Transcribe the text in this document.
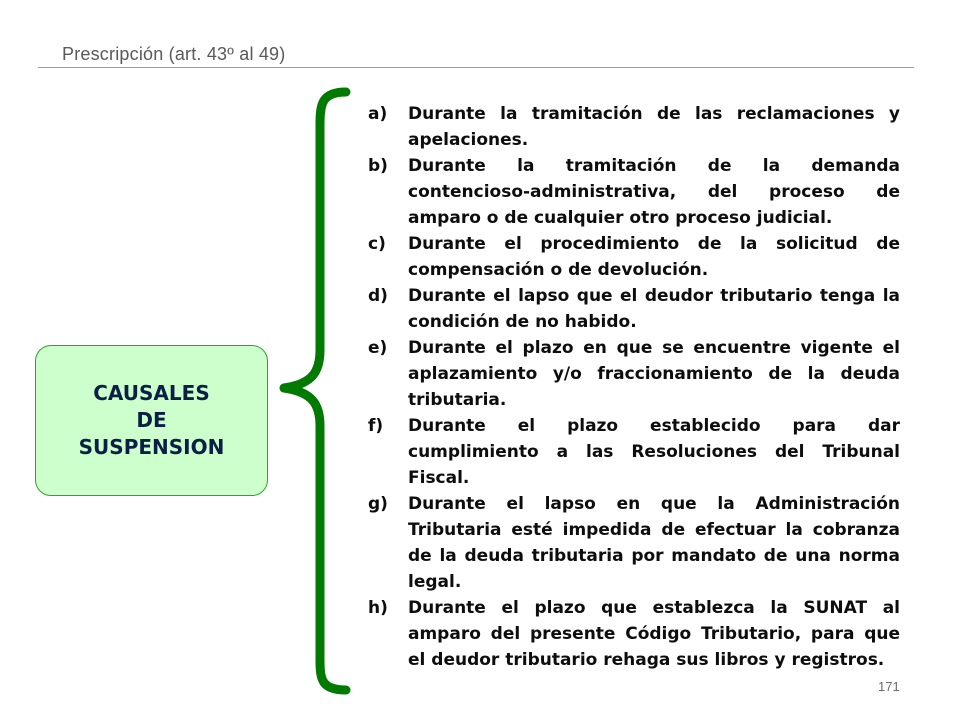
Prescripción (art. 43º al 49)
CAUSALES
DE
SUSPENSION
a) Durante la tramitación de las reclamaciones y apelaciones.
b) Durante la tramitación de la demanda contencioso-administrativa, del proceso de amparo o de cualquier otro proceso judicial.
c) Durante el procedimiento de la solicitud de compensación o de devolución.
d) Durante el lapso que el deudor tributario tenga la condición de no habido.
e) Durante el plazo en que se encuentre vigente el aplazamiento y/o fraccionamiento de la deuda tributaria.
f) Durante el plazo establecido para dar cumplimiento a las Resoluciones del Tribunal Fiscal.
g) Durante el lapso en que la Administración Tributaria esté impedida de efectuar la cobranza de la deuda tributaria por mandato de una norma legal.
h) Durante el plazo que establezca la SUNAT al amparo del presente Código Tributario, para que el deudor tributario rehaga sus libros y registros.
171
